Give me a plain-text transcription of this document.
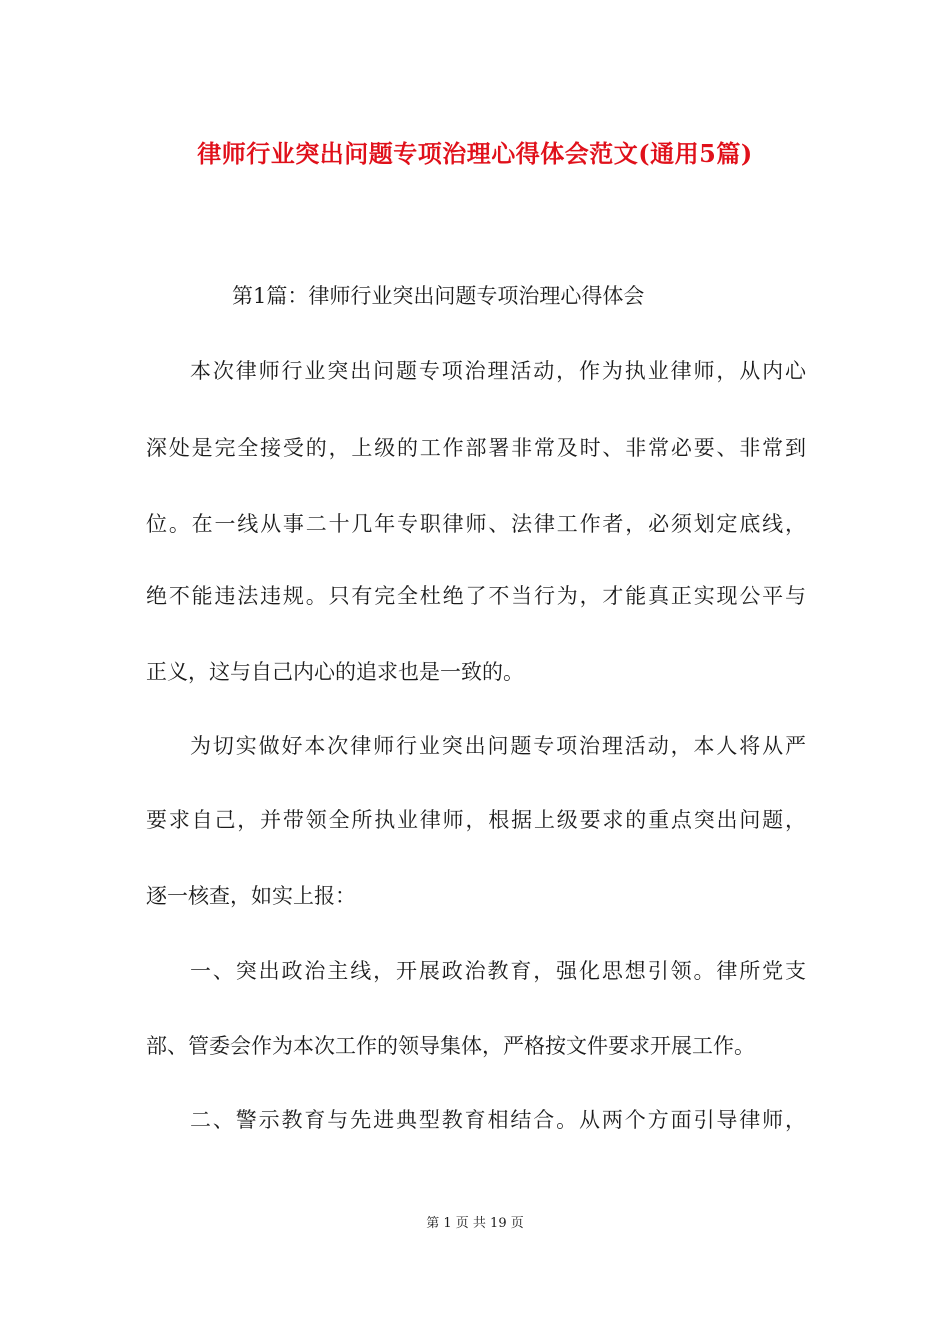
律师行业突出问题专项治理心得体会范文(通用5篇)
第1篇：律师行业突出问题专项治理心得体会
本次律师行业突出问题专项治理活动，作为执业律师，从内心
深处是完全接受的，上级的工作部署非常及时、非常必要、非常到
位。在一线从事二十几年专职律师、法律工作者，必须划定底线，
绝不能违法违规。只有完全杜绝了不当行为，才能真正实现公平与
正义，这与自己内心的追求也是一致的。
为切实做好本次律师行业突出问题专项治理活动，本人将从严
要求自己，并带领全所执业律师，根据上级要求的重点突出问题，
逐一核查，如实上报：
一、突出政治主线，开展政治教育，强化思想引领。律所党支
部、管委会作为本次工作的领导集体，严格按文件要求开展工作。
二、警示教育与先进典型教育相结合。从两个方面引导律师，
第 1 页 共 19 页
